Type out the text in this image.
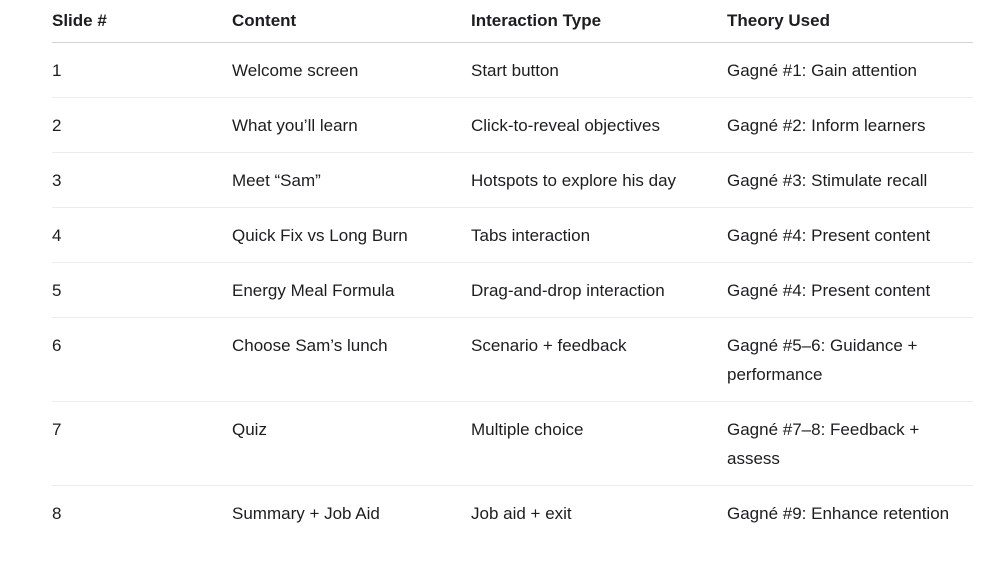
Slide #	Content	Interaction Type	Theory Used
1	Welcome screen	Start button	Gagné #1: Gain attention
2	What you’ll learn	Click-to-reveal objectives	Gagné #2: Inform learners
3	Meet “Sam”	Hotspots to explore his day	Gagné #3: Stimulate recall
4	Quick Fix vs Long Burn	Tabs interaction	Gagné #4: Present content
5	Energy Meal Formula	Drag-and-drop interaction	Gagné #4: Present content
6	Choose Sam’s lunch	Scenario + feedback	Gagné #5–6: Guidance + performance
7	Quiz	Multiple choice	Gagné #7–8: Feedback + assess
8	Summary + Job Aid	Job aid + exit	Gagné #9: Enhance retention
